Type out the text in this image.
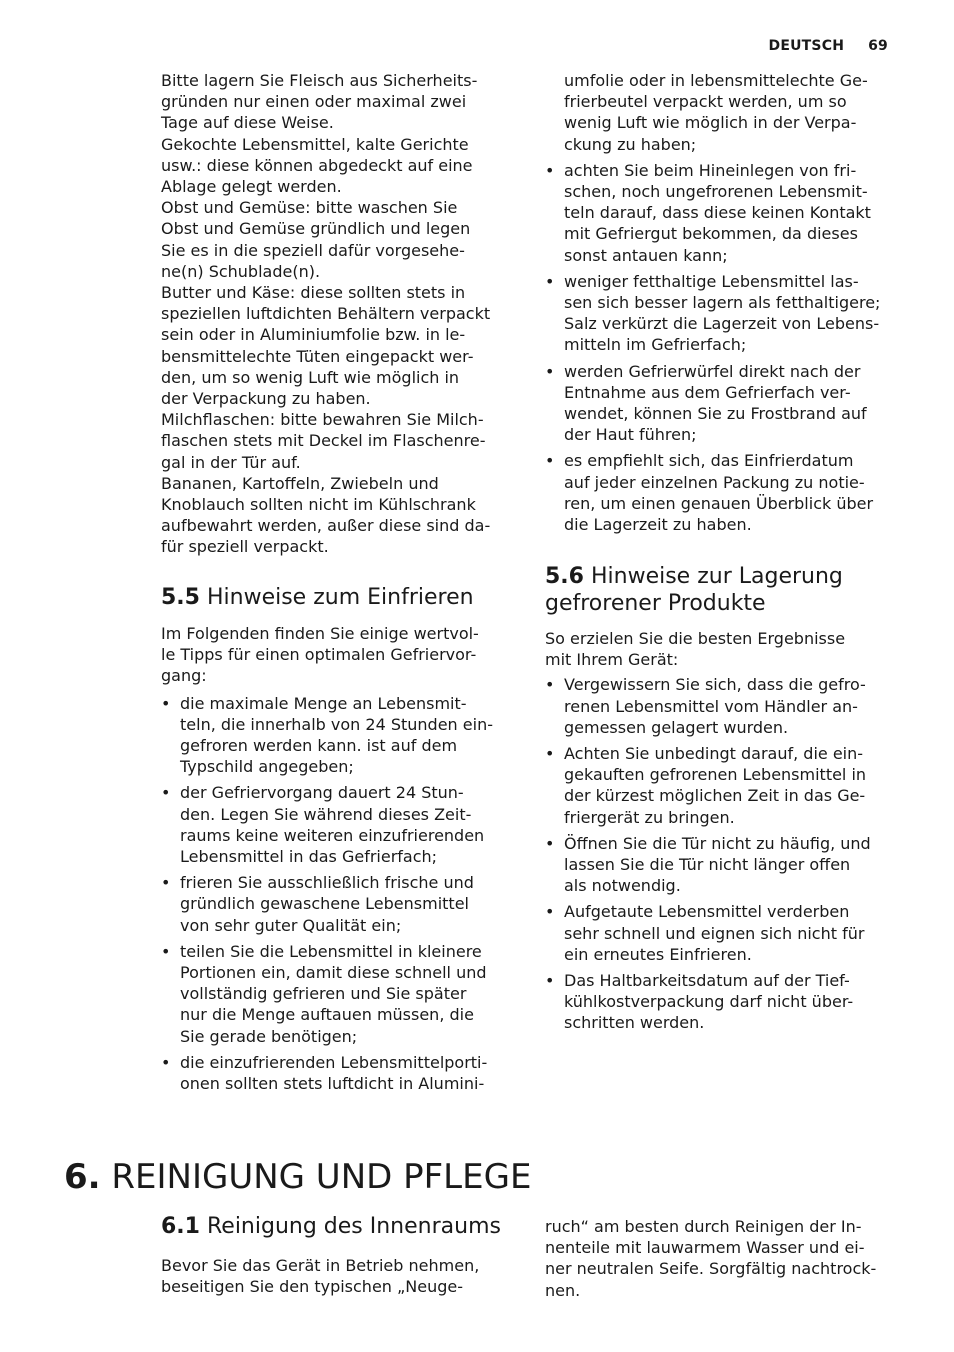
DEUTSCH 69

Bitte lagern Sie Fleisch aus Sicherheits-

gründen nur einen oder maximal zwei

Tage auf diese Weise.

Gekochte Lebensmittel, kalte Gerichte

usw.: diese können abgedeckt auf eine

Ablage gelegt werden.

Obst und Gemüse: bitte waschen Sie

Obst und Gemüse gründlich und legen

Sie es in die speziell dafür vorgesehe-

ne(n) Schublade(n).

Butter und Käse: diese sollten stets in

speziellen luftdichten Behältern verpackt

sein oder in Aluminiumfolie bzw. in le-

bensmittelechte Tüten eingepackt wer-

den, um so wenig Luft wie möglich in

der Verpackung zu haben.

Milchflaschen: bitte bewahren Sie Milch-

flaschen stets mit Deckel im Flaschenre-

gal in der Tür auf.

Bananen, Kartoffeln, Zwiebeln und

Knoblauch sollten nicht im Kühlschrank

aufbewahrt werden, außer diese sind da-

für speziell verpackt.

5.5 Hinweise zum Einfrieren

Im Folgenden finden Sie einige wertvol-

le Tipps für einen optimalen Gefriervor-

gang:

• die maximale Menge an Lebensmit-
teln, die innerhalb von 24 Stunden ein-
gefroren werden kann. ist auf dem
Typschild angegeben;
• der Gefriervorgang dauert 24 Stun-
den. Legen Sie während dieses Zeit-
raums keine weiteren einzufrierenden
Lebensmittel in das Gefrierfach;
• frieren Sie ausschließlich frische und
gründlich gewaschene Lebensmittel
von sehr guter Qualität ein;
• teilen Sie die Lebensmittel in kleinere
Portionen ein, damit diese schnell und
vollständig gefrieren und Sie später
nur die Menge auftauen müssen, die
Sie gerade benötigen;
• die einzufrierenden Lebensmittelporti-
onen sollten stets luftdicht in Alumini-

umfolie oder in lebensmittelechte Ge-

frierbeutel verpackt werden, um so

wenig Luft wie möglich in der Verpa-

ckung zu haben;

• achten Sie beim Hineinlegen von fri-
schen, noch ungefrorenen Lebensmit-
teln darauf, dass diese keinen Kontakt
mit Gefriergut bekommen, da dieses
sonst antauen kann;
• weniger fetthaltige Lebensmittel las-
sen sich besser lagern als fetthaltigere;
Salz verkürzt die Lagerzeit von Lebens-
mitteln im Gefrierfach;
• werden Gefrierwürfel direkt nach der
Entnahme aus dem Gefrierfach ver-
wendet, können Sie zu Frostbrand auf
der Haut führen;
• es empfiehlt sich, das Einfrierdatum
auf jeder einzelnen Packung zu notie-
ren, um einen genauen Überblick über
die Lagerzeit zu haben.
5.6 Hinweise zur Lagerung
gefrorener Produkte

So erzielen Sie die besten Ergebnisse

mit Ihrem Gerät:

• Vergewissern Sie sich, dass die gefro-
renen Lebensmittel vom Händler an-
gemessen gelagert wurden.
• Achten Sie unbedingt darauf, die ein-
gekauften gefrorenen Lebensmittel in
der kürzest möglichen Zeit in das Ge-
friergerät zu bringen.
• Öffnen Sie die Tür nicht zu häufig, und
lassen Sie die Tür nicht länger offen
als notwendig.
• Aufgetaute Lebensmittel verderben
sehr schnell und eignen sich nicht für
ein erneutes Einfrieren.
• Das Haltbarkeitsdatum auf der Tief-
kühlkostverpackung darf nicht über-
schritten werden.
6. REINIGUNG UND PFLEGE
6.1 Reinigung des Innenraums

Bevor Sie das Gerät in Betrieb nehmen,

beseitigen Sie den typischen „Neuge-

ruch“ am besten durch Reinigen der In-

nenteile mit lauwarmem Wasser und ei-

ner neutralen Seife. Sorgfältig nachtrock-

nen.
